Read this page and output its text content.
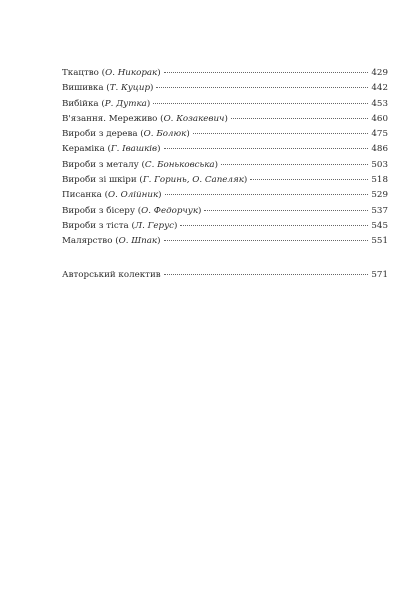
Ткацтво (О. Никорак)	429
Вишивка (Т. Куцир)	442
Вибійка (Р. Дутка)	453
В'язання. Мереживо (О. Козакевич)	460
Вироби з дерева (О. Болюк)	475
Кераміка (Г. Івашків)	486
Вироби з металу (С. Боньковська)	503
Вироби зі шкіри (Г. Горинь, О. Сапеляк)	518
Писанка (О. Олійник)	529
Вироби з бісеру (О. Федорчук)	537
Вироби з тіста (Л. Герус)	545
Малярство (О. Шпак)	551
Авторський колектив	571
